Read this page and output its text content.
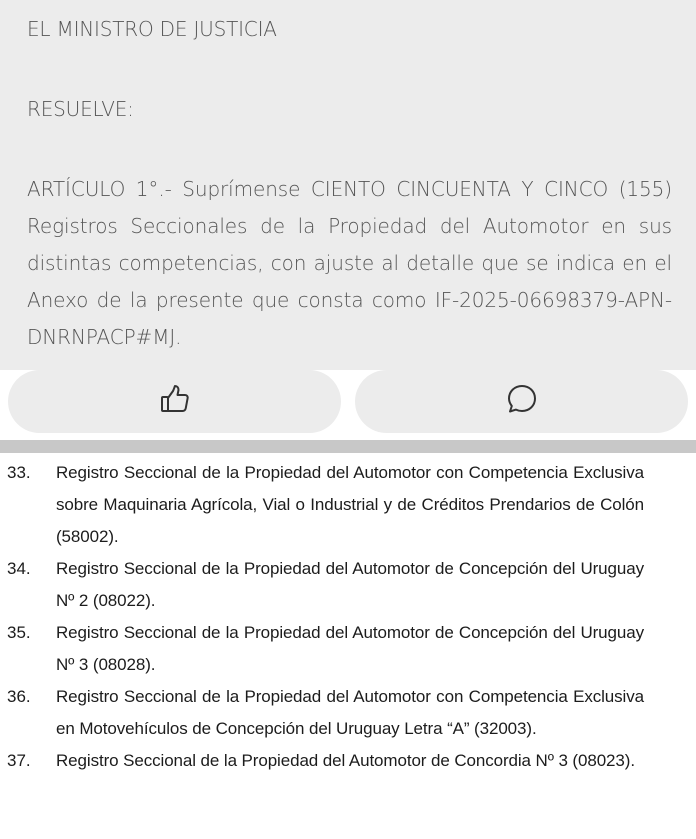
EL MINISTRO DE JUSTICIA
RESUELVE:
ARTÍCULO 1°.- Suprímense CIENTO CINCUENTA Y CINCO (155) Registros Seccionales de la Propiedad del Automotor en sus distintas competencias, con ajuste al detalle que se indica en el Anexo de la presente que consta como IF-2025-06698379-APN-DNRNPACP#MJ.
33. Registro Seccional de la Propiedad del Automotor con Competencia Exclusiva sobre Maquinaria Agrícola, Vial o Industrial y de Créditos Prendarios de Colón (58002).
34. Registro Seccional de la Propiedad del Automotor de Concepción del Uruguay Nº 2 (08022).
35. Registro Seccional de la Propiedad del Automotor de Concepción del Uruguay Nº 3 (08028).
36. Registro Seccional de la Propiedad del Automotor con Competencia Exclusiva en Motovehículos de Concepción del Uruguay Letra “A” (32003).
37. Registro Seccional de la Propiedad del Automotor de Concordia Nº 3 (08023).
